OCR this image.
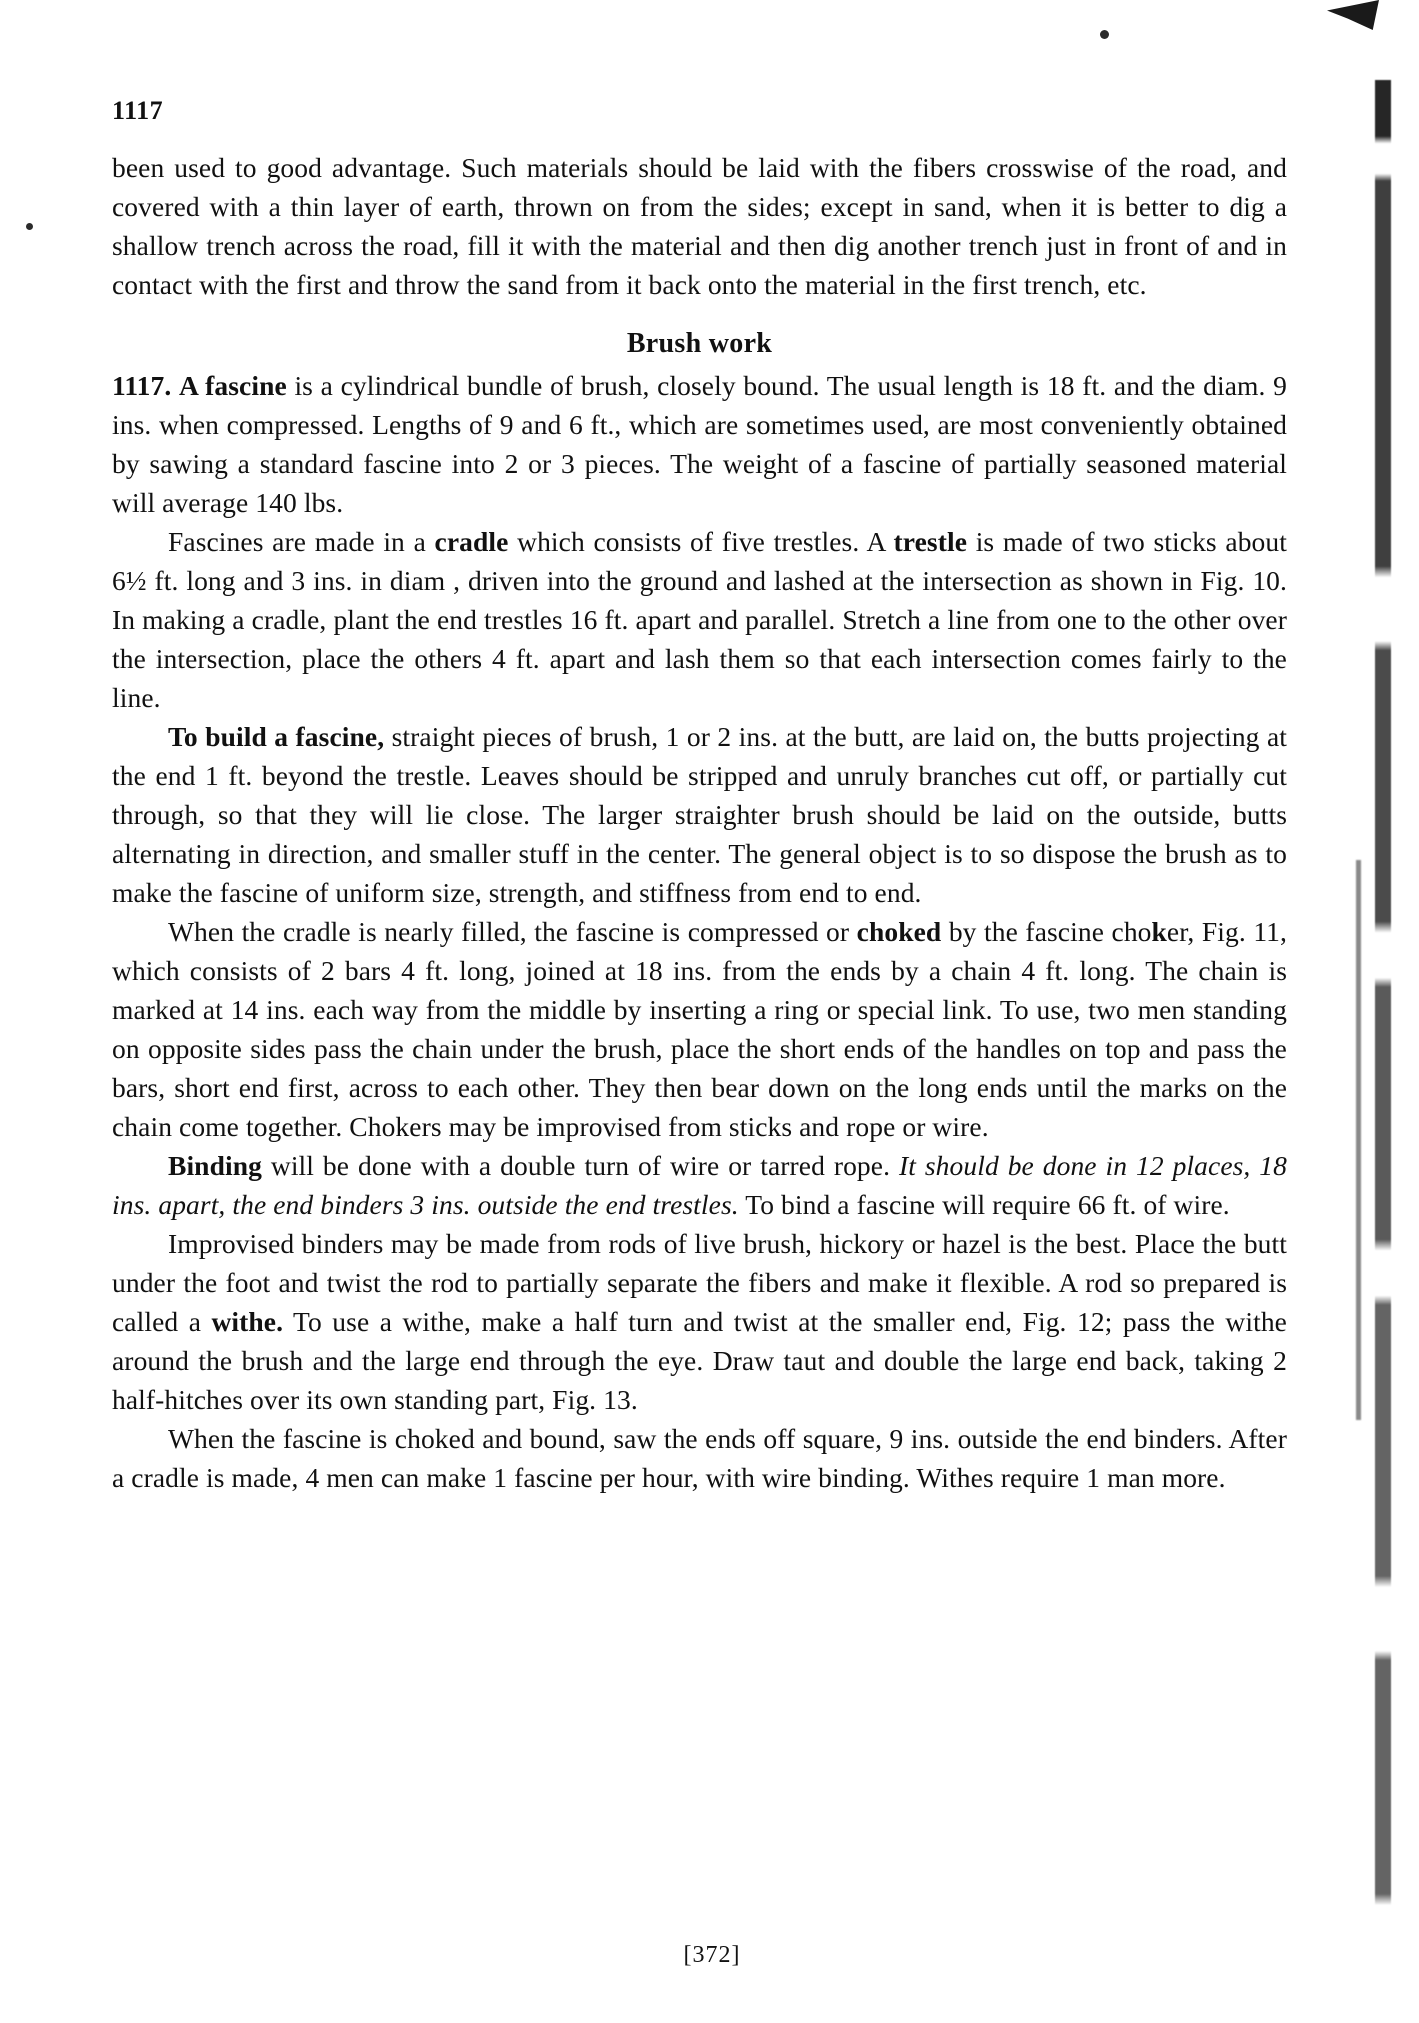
1117

been used to good advantage. Such materials should be laid with the fibers crosswise of the road, and covered with a thin layer of earth, thrown on from the sides; except in sand, when it is better to dig a shallow trench across the road, fill it with the material and then dig another trench just in front of and in contact with the first and throw the sand from it back onto the material in the first trench, etc.

Brush work

1117. A fascine is a cylindrical bundle of brush, closely bound. The usual length is 18 ft. and the diam. 9 ins. when compressed. Lengths of 9 and 6 ft., which are sometimes used, are most conveniently obtained by sawing a standard fascine into 2 or 3 pieces. The weight of a fascine of partially seasoned material will average 140 lbs.

Fascines are made in a cradle which consists of five trestles. A trestle is made of two sticks about 6½ ft. long and 3 ins. in diam , driven into the ground and lashed at the intersection as shown in Fig. 10. In making a cradle, plant the end trestles 16 ft. apart and parallel. Stretch a line from one to the other over the intersection, place the others 4 ft. apart and lash them so that each intersection comes fairly to the line.

To build a fascine, straight pieces of brush, 1 or 2 ins. at the butt, are laid on, the butts projecting at the end 1 ft. beyond the trestle. Leaves should be stripped and unruly branches cut off, or partially cut through, so that they will lie close. The larger straighter brush should be laid on the outside, butts alternating in direction, and smaller stuff in the center. The general object is to so dispose the brush as to make the fascine of uniform size, strength, and stiffness from end to end.

When the cradle is nearly filled, the fascine is compressed or choked by the fascine choker, Fig. 11, which consists of 2 bars 4 ft. long, joined at 18 ins. from the ends by a chain 4 ft. long. The chain is marked at 14 ins. each way from the middle by inserting a ring or special link. To use, two men standing on opposite sides pass the chain under the brush, place the short ends of the handles on top and pass the bars, short end first, across to each other. They then bear down on the long ends until the marks on the chain come together. Chokers may be improvised from sticks and rope or wire.

Binding will be done with a double turn of wire or tarred rope. It should be done in 12 places, 18 ins. apart, the end binders 3 ins. outside the end trestles. To bind a fascine will require 66 ft. of wire.

Improvised binders may be made from rods of live brush, hickory or hazel is the best. Place the butt under the foot and twist the rod to partially separate the fibers and make it flexible. A rod so prepared is called a withe. To use a withe, make a half turn and twist at the smaller end, Fig. 12; pass the withe around the brush and the large end through the eye. Draw taut and double the large end back, taking 2 half-hitches over its own standing part, Fig. 13.

When the fascine is choked and bound, saw the ends off square, 9 ins. outside the end binders. After a cradle is made, 4 men can make 1 fascine per hour, with wire binding. Withes require 1 man more.

[372]
